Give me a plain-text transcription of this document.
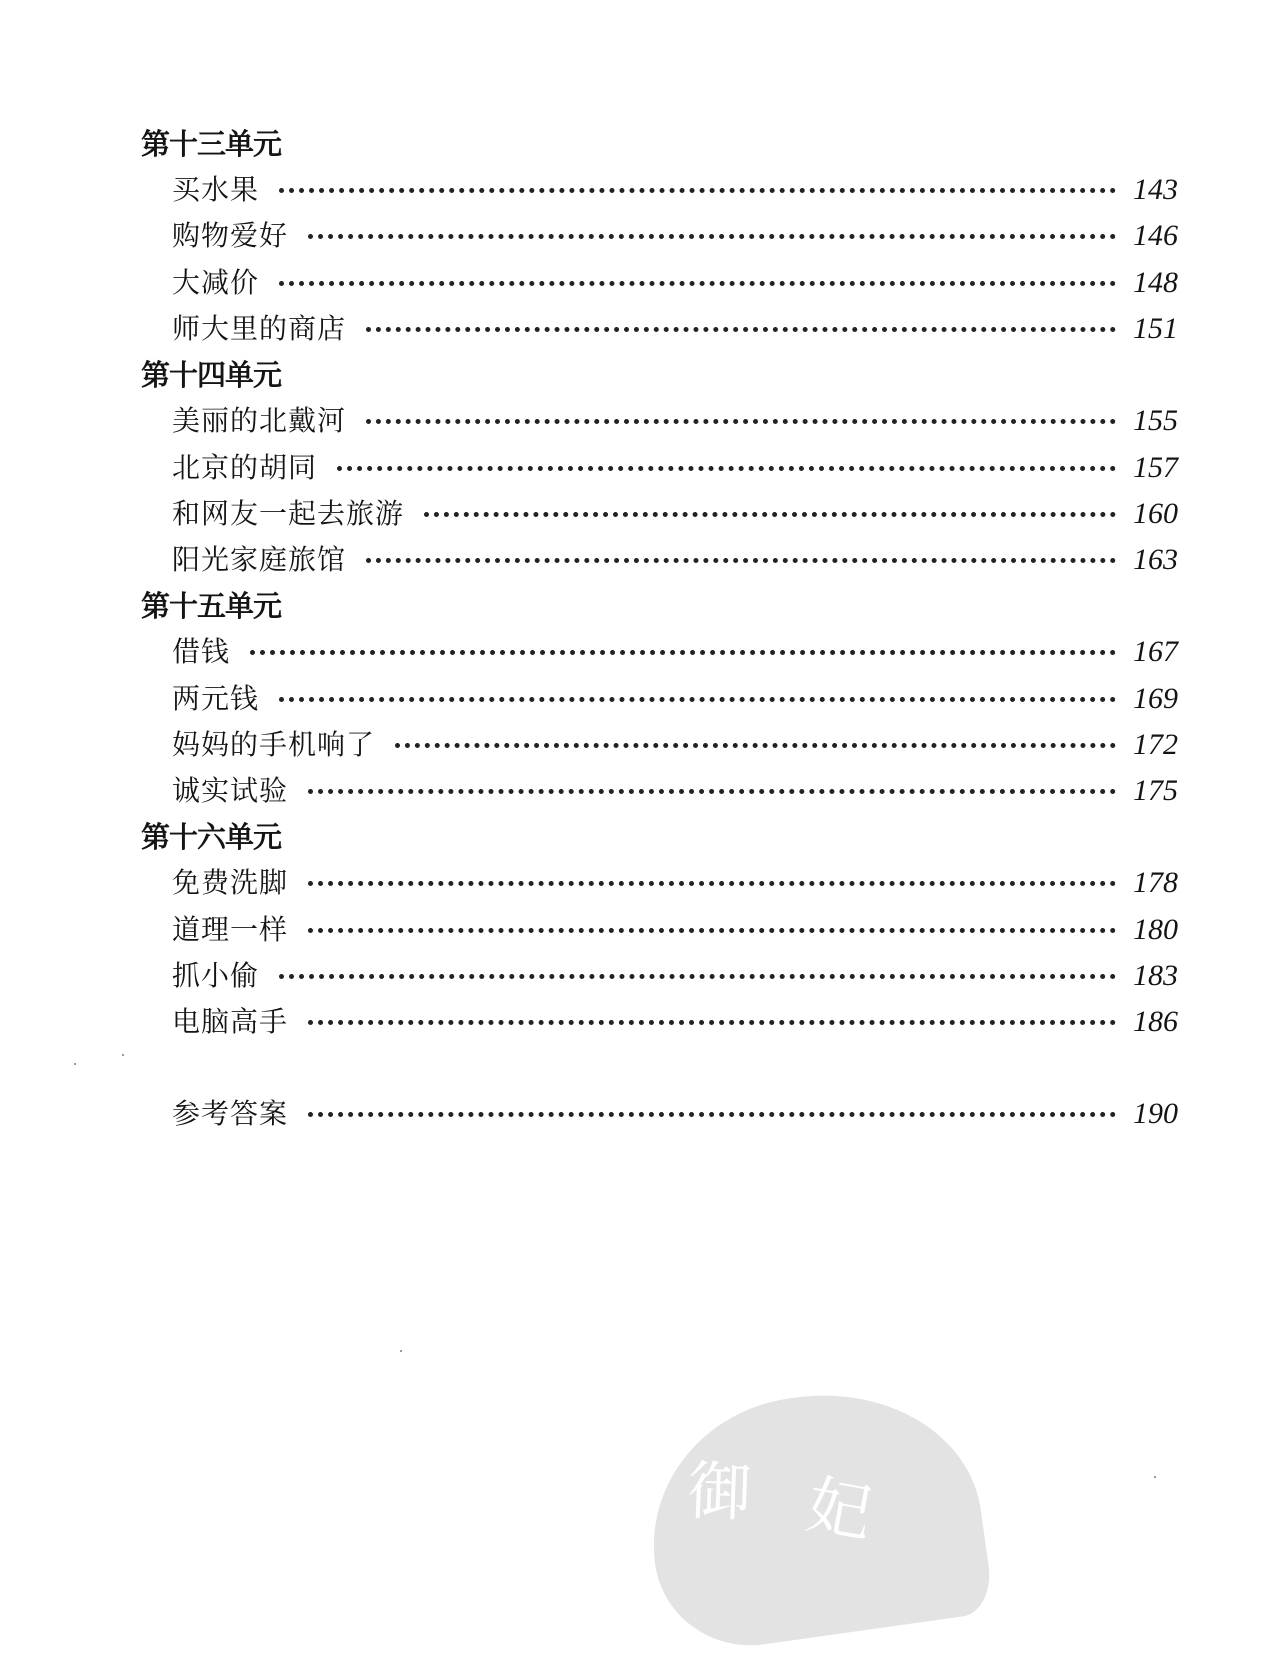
第十三单元
买水果	143
购物爱好	146
大减价	148
师大里的商店	151
第十四单元
美丽的北戴河	155
北京的胡同	157
和网友一起去旅游	160
阳光家庭旅馆	163
第十五单元
借钱	167
两元钱	169
妈妈的手机响了	172
诚实试验	175
第十六单元
免费洗脚	178
道理一样	180
抓小偷	183
电脑高手	186
参考答案	190
御 妃
